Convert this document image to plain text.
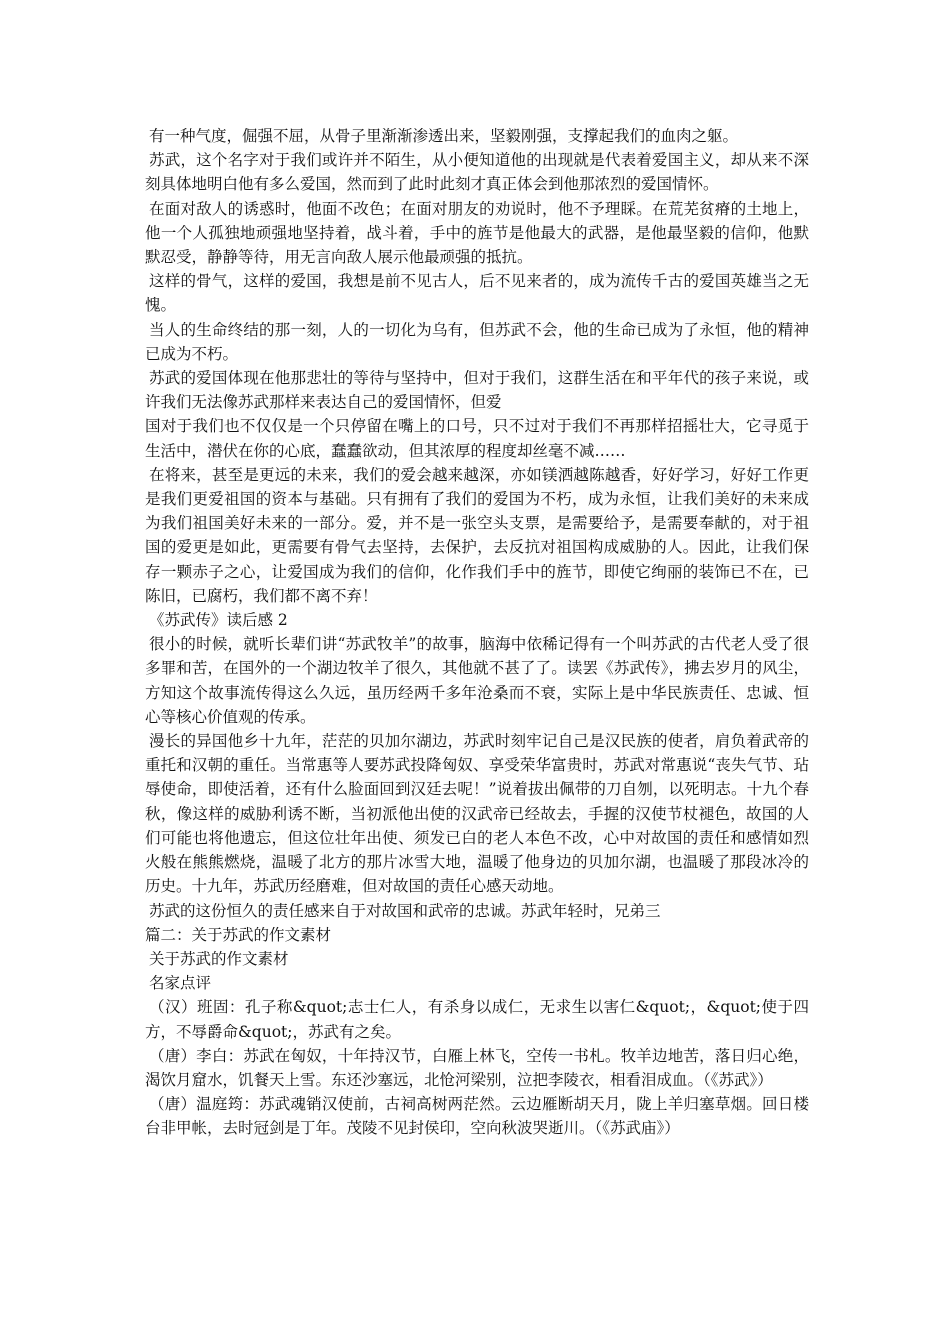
有一种气度，倔强不屈，从骨子里渐渐渗透出来，坚毅刚强，支撑起我们的血肉之躯。

苏武，这个名字对于我们或许并不陌生，从小便知道他的出现就是代表着爱国主义，却从来不深刻具体地明白他有多么爱国，然而到了此时此刻才真正体会到他那浓烈的爱国情怀。

在面对敌人的诱惑时，他面不改色；在面对朋友的劝说时，他不予理睬。在荒芜贫瘠的土地上，他一个人孤独地顽强地坚持着，战斗着，手中的旌节是他最大的武器，是他最坚毅的信仰，他默默忍受，静静等待，用无言向敌人展示他最顽强的抵抗。

这样的骨气，这样的爱国，我想是前不见古人，后不见来者的，成为流传千古的爱国英雄当之无愧。

当人的生命终结的那一刻，人的一切化为乌有，但苏武不会，他的生命已成为了永恒，他的精神已成为不朽。

苏武的爱国体现在他那悲壮的等待与坚持中，但对于我们，这群生活在和平年代的孩子来说，或许我们无法像苏武那样来表达自己的爱国情怀，但爱

国对于我们也不仅仅是一个只停留在嘴上的口号，只不过对于我们不再那样招摇壮大，它寻觅于生活中，潜伏在你的心底，蠢蠢欲动，但其浓厚的程度却丝毫不减……

在将来，甚至是更远的未来，我们的爱会越来越深，亦如镁洒越陈越香，好好学习，好好工作更是我们更爱祖国的资本与基础。只有拥有了我们的爱国为不朽，成为永恒，让我们美好的未来成为我们祖国美好未来的一部分。爱，并不是一张空头支票，是需要给予，是需要奉献的，对于祖国的爱更是如此，更需要有骨气去坚持，去保护，去反抗对祖国构成威胁的人。因此，让我们保存一颗赤子之心，让爱国成为我们的信仰，化作我们手中的旌节，即使它绚丽的装饰已不在，已陈旧，已腐朽，我们都不离不弃！

《苏武传》读后感 2

很小的时候，就听长辈们讲“苏武牧羊”的故事，脑海中依稀记得有一个叫苏武的古代老人受了很多罪和苦，在国外的一个湖边牧羊了很久，其他就不甚了了。读罢《苏武传》，拂去岁月的风尘，方知这个故事流传得这么久远，虽历经两千多年沧桑而不衰，实际上是中华民族责任、忠诚、恒心等核心价值观的传承。

漫长的异国他乡十九年，茫茫的贝加尔湖边，苏武时刻牢记自己是汉民族的使者，肩负着武帝的重托和汉朝的重任。当常惠等人要苏武投降匈奴、享受荣华富贵时，苏武对常惠说“丧失气节、玷辱使命，即使活着，还有什么脸面回到汉廷去呢！”说着拔出佩带的刀自刎，以死明志。十九个春秋，像这样的威胁利诱不断，当初派他出使的汉武帝已经故去，手握的汉使节杖褪色，故国的人们可能也将他遗忘，但这位壮年出使、须发已白的老人本色不改，心中对故国的责任和感情如烈火般在熊熊燃烧，温暖了北方的那片冰雪大地，温暖了他身边的贝加尔湖，也温暖了那段冰冷的历史。十九年，苏武历经磨难，但对故国的责任心感天动地。

苏武的这份恒久的责任感来自于对故国和武帝的忠诚。苏武年轻时，兄弟三

篇二：关于苏武的作文素材

关于苏武的作文素材

名家点评

（汉）班固：孔子称&quot;志士仁人，有杀身以成仁，无求生以害仁&quot;，&quot;使于四方，不辱爵命&quot;，苏武有之矣。

（唐）李白：苏武在匈奴，十年持汉节，白雁上林飞，空传一书札。牧羊边地苦，落日归心绝，渴饮月窟水，饥餐天上雪。东还沙塞远，北怆河梁别，泣把李陵衣，相看泪成血。（《苏武》）

（唐）温庭筠：苏武魂销汉使前，古祠高树两茫然。云边雁断胡天月，陇上羊归塞草烟。回日楼台非甲帐，去时冠剑是丁年。茂陵不见封侯印，空向秋波哭逝川。（《苏武庙》）
